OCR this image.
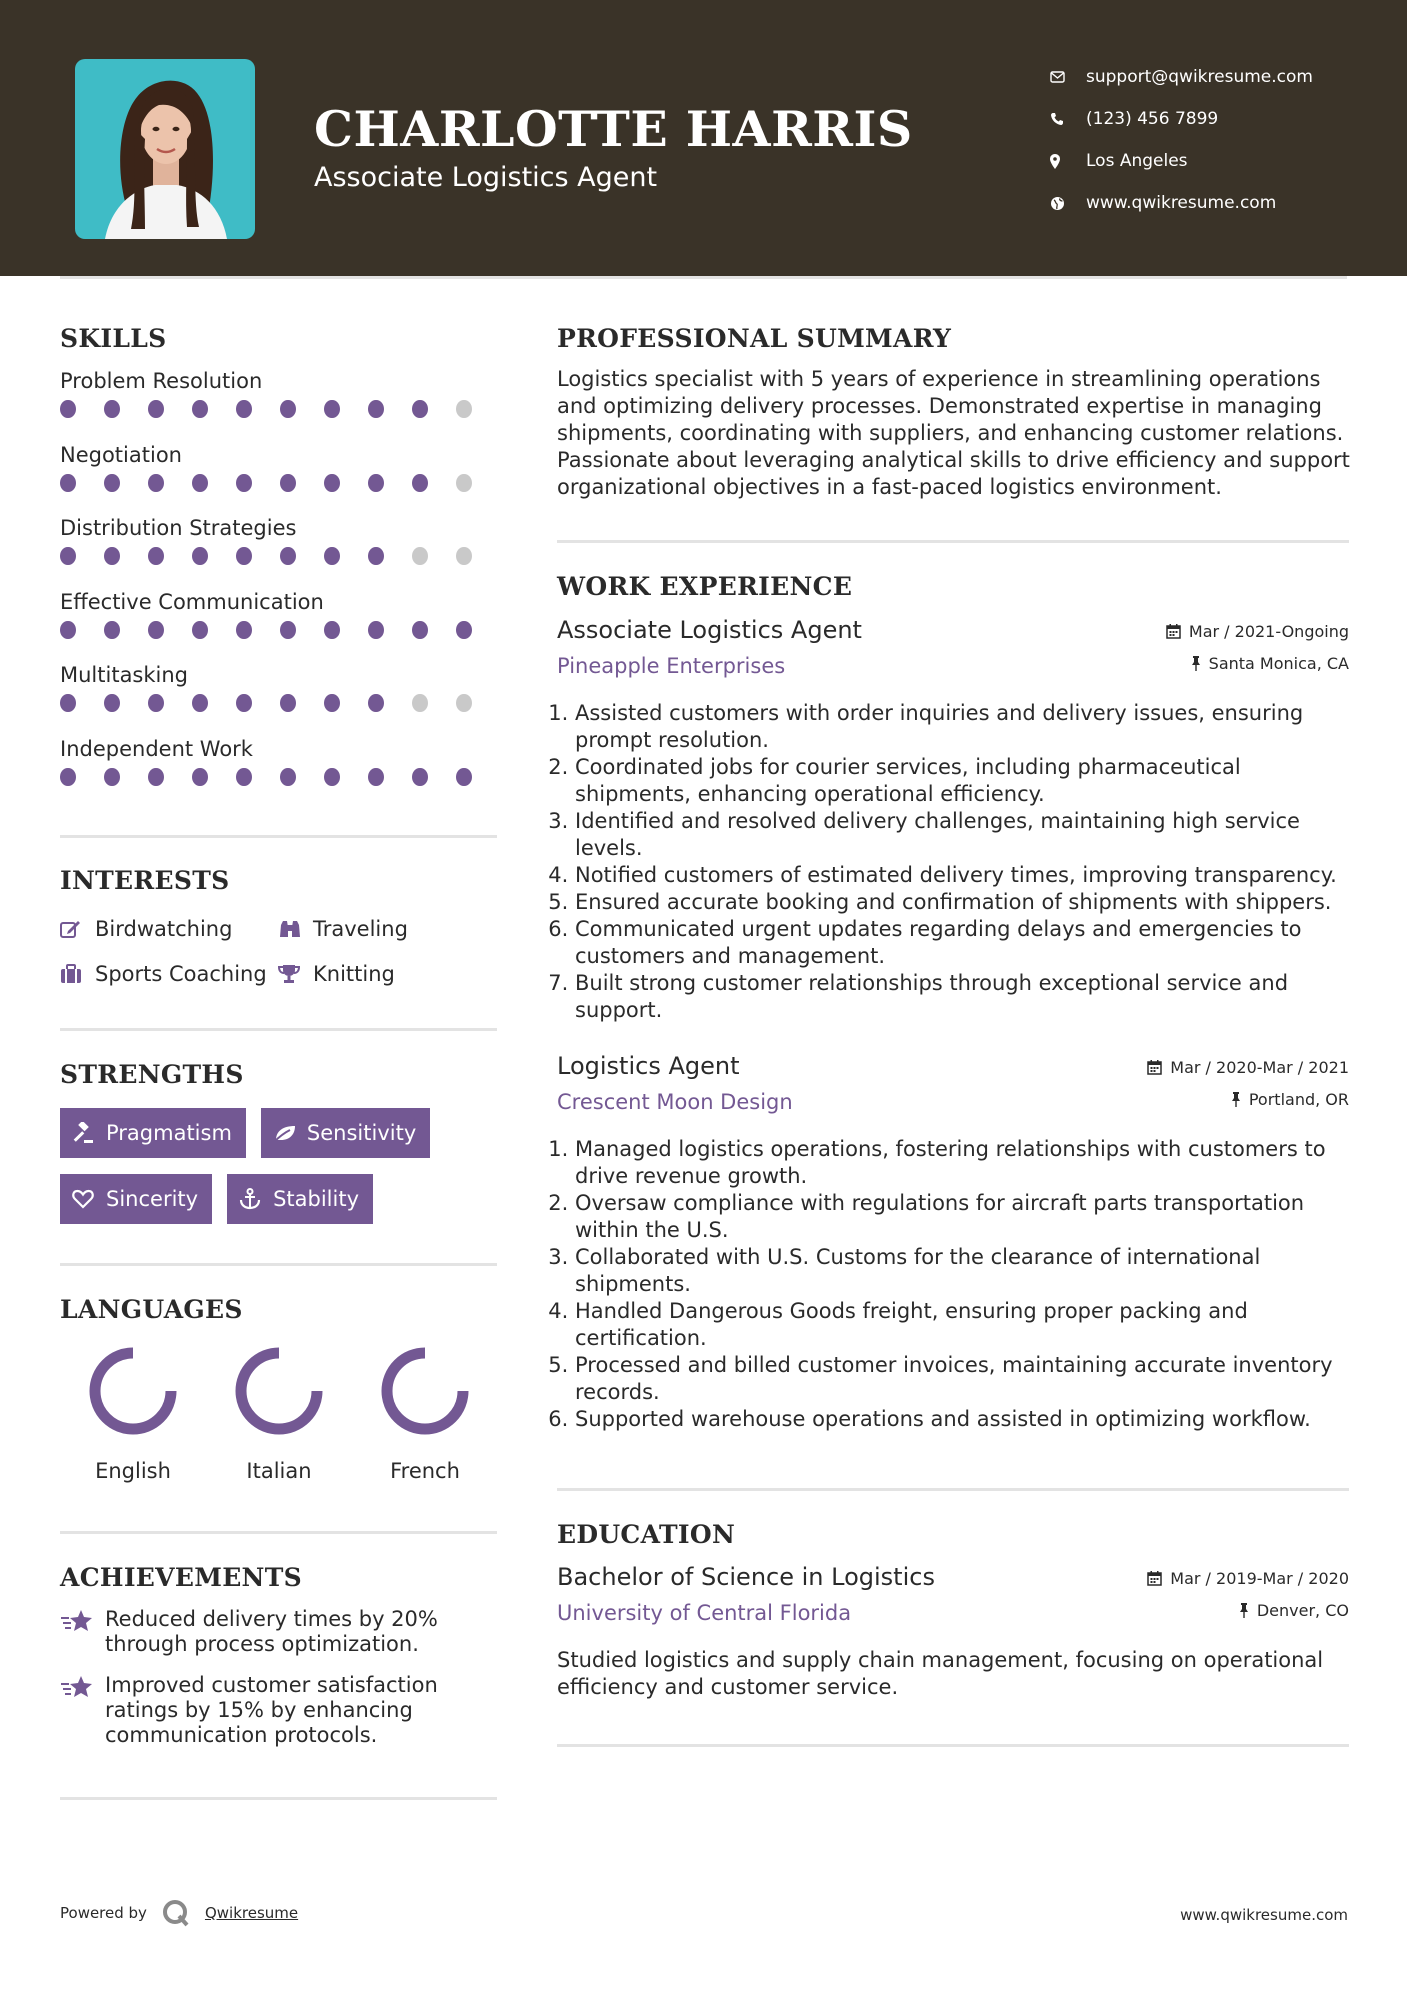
CHARLOTTE HARRIS
Associate Logistics Agent
support@qwikresume.com
(123) 456 7899
Los Angeles
www.qwikresume.com
SKILLS
Problem Resolution
Negotiation
Distribution Strategies
Effective Communication
Multitasking
Independent Work
INTERESTS
Birdwatching	Traveling
Sports Coaching Knitting
STRENGTHS
Pragmatism	Sensitivity
Sincerity	Stability
LANGUAGES
English	Italian	French
ACHIEVEMENTS
Reduced delivery times by 20% through process optimization.
Improved customer satisfaction ratings by 15% by enhancing communication protocols.
PROFESSIONAL SUMMARY
Logistics specialist with 5 years of experience in streamlining operations and optimizing delivery processes. Demonstrated expertise in managing shipments, coordinating with suppliers, and enhancing customer relations. Passionate about leveraging analytical skills to drive efficiency and support organizational objectives in a fast-paced logistics environment.
WORK EXPERIENCE
Associate Logistics Agent
Pineapple Enterprises
Mar / 2021-Ongoing
Santa Monica, CA
1. Assisted customers with order inquiries and delivery issues, ensuring prompt resolution.
2. Coordinated jobs for courier services, including pharmaceutical shipments, enhancing operational efficiency.
3. Identified and resolved delivery challenges, maintaining high service levels.
4. Notified customers of estimated delivery times, improving transparency.
5. Ensured accurate booking and confirmation of shipments with shippers.
6. Communicated urgent updates regarding delays and emergencies to customers and management.
7. Built strong customer relationships through exceptional service and support.
Logistics Agent
Crescent Moon Design
Mar / 2020-Mar / 2021
Portland, OR
1. Managed logistics operations, fostering relationships with customers to drive revenue growth.
2. Oversaw compliance with regulations for aircraft parts transportation within the U.S.
3. Collaborated with U.S. Customs for the clearance of international shipments.
4. Handled Dangerous Goods freight, ensuring proper packing and certification.
5. Processed and billed customer invoices, maintaining accurate inventory records.
6. Supported warehouse operations and assisted in optimizing workflow.
EDUCATION
Bachelor of Science in Logistics
University of Central Florida
Mar / 2019-Mar / 2020
Denver, CO
Studied logistics and supply chain management, focusing on operational efficiency and customer service.
Powered by	Qwikresume	www.qwikresume.com
